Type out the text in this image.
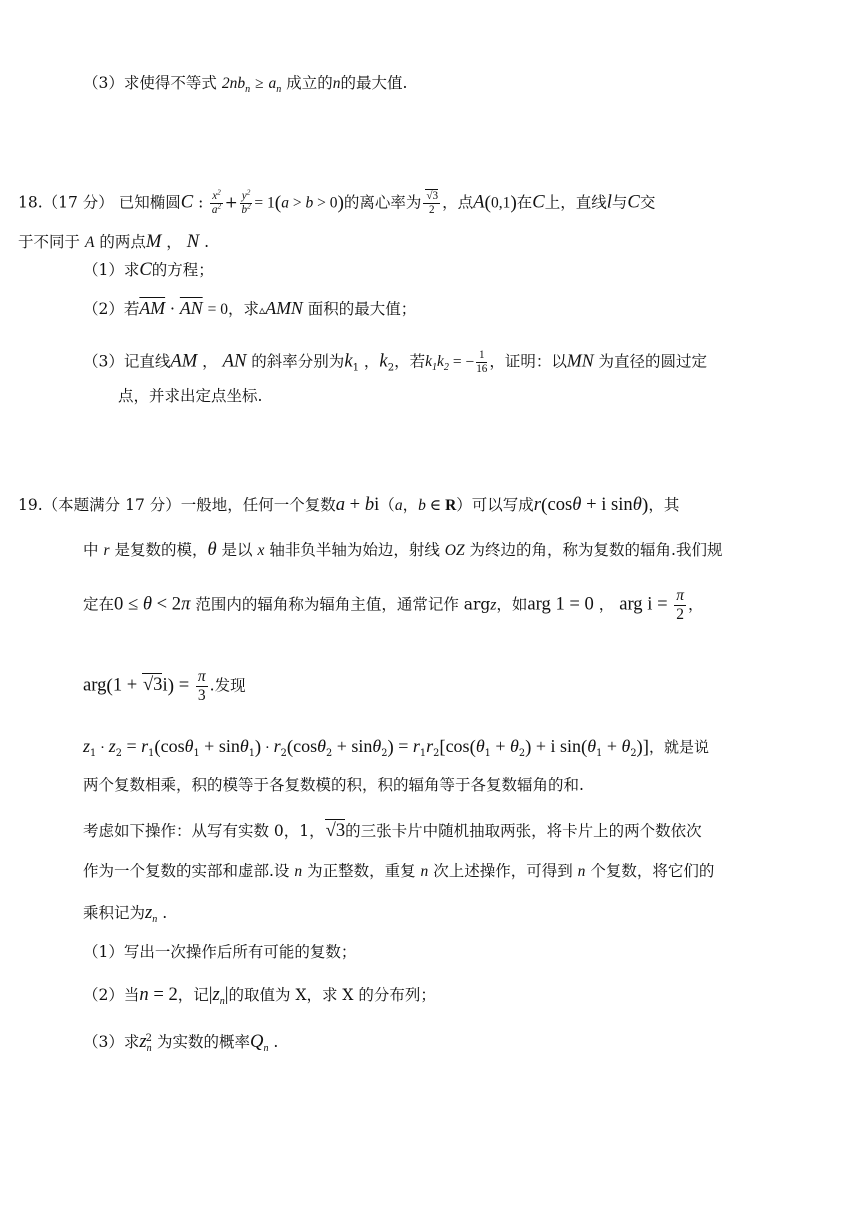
（3）求使得不等式 $2nb_n \ge a_n$ 成立的n的最大值.
18.（17 分） 已知椭圆C : $\frac{x^2}{a^2} + \frac{y^2}{b^2} = 1(a > b > 0)$的离心率为 $\frac{√3}{2}$ ，点A(0,1)在C上，直线l与C交
于不同于 A 的两点M ， N .
（1）求C的方程；
（2）若$\overline{AM} \cdot \overline{AN} = 0$，求▵AMN 面积的最大值；
（3）记直线AM ， AN 的斜率分别为$k_1$ ，$k_2$，若$k_1k_2$ = − $\frac{1}{16}$ ，证明：以MN 为直径的圆过定
点，并求出定点坐标.
19.（本题满分 17 分）一般地，任何一个复数a + bi（a，b ∈ R）可以写成r(cosθ + i sinθ)，其
中 r 是复数的模，θ 是以 x 轴非负半轴为始边，射线 OZ 为终边的角，称为复数的辐角.我们规
定在0 ≤ θ < 2π 范围内的辐角称为辐角主值，通常记作 argz，如arg 1 = 0 ， arg $i = \frac{\pi}{2}$ ，
$arg(1 + √3i) = \frac{\pi}{3}$ .发现
$z_1 \cdot z_2 = r_1(\cos\theta_1 + \sin\theta_1) \cdot r_2(\cos\theta_2 + \sin\theta_2) = r_1r_2[\cos(\theta_1 + \theta_2) + i$ $\sin(\theta_1 + \theta_2)$]，就是说
两个复数相乘，积的模等于各复数模的积，积的辐角等于各复数辐角的和.
考虑如下操作：从写有实数 0，1，√3的三张卡片中随机抽取两张，将卡片上的两个数依次
作为一个复数的实部和虚部.设 n 为正整数，重复 n 次上述操作，可得到 n 个复数，将它们的
乘积记为$z_n$ .
（1）写出一次操作后所有可能的复数；
（2）当n = 2，记$|z_n|$的取值为 X，求 X 的分布列；
（3）求$z_n^2$ 为实数的概率$Q_n$ .
